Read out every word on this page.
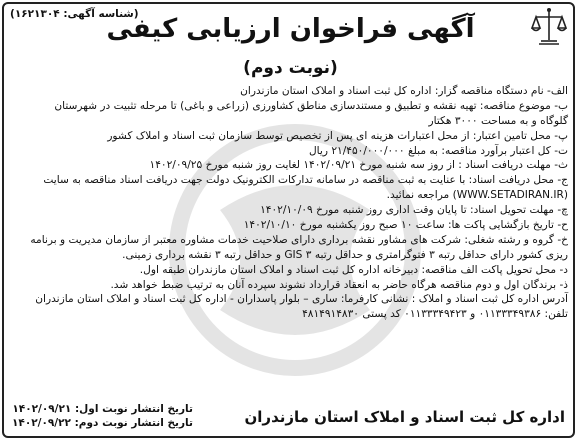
(شناسه آگهی: ۱۶۲۱۳۰۴)
آگهی فراخوان ارزیابی کیفی
(نوبت دوم)
الف- نام دستگاه مناقصه گزار: اداره کل ثبت اسناد و املاک استان مازندران
ب- موضوع مناقصه: تهیه نقشه و تطبیق و مستندسازی مناطق کشاورزی (زراعی و باغی) تا مرحله تثبیت در شهرستان
گلوگاه و به مساحت ۳۰۰۰ هکتار
پ- محل تامین اعتبار: از محل اعتبارات هزینه ای پس از تخصیص توسط سازمان ثبت اسناد و املاک کشور
ت- کل اعتبار برآورد مناقصه: به مبلغ ۲۱/۴۵۰/۰۰۰/۰۰۰ ریال
ث- مهلت دریافت اسناد : از روز سه شنبه مورخ ۱۴۰۲/۰۹/۲۱ لغایت روز شنبه مورخ ۱۴۰۲/۰۹/۲۵
ج- محل دریافت اسناد: با عنایت به ثبت مناقصه در سامانه تدارکات الکترونیک دولت جهت دریافت اسناد مناقصه به سایت
(WWW.SETADIRAN.IR) مراجعه نمائید.
چ- مهلت تحویل اسناد: تا پایان وقت اداری روز شنبه مورخ ۱۴۰۲/۱۰/۰۹
ح- تاریخ بازگشایی پاکت ها: ساعت ۱۰ صبح روز یکشنبه مورخ ۱۴۰۲/۱۰/۱۰
خ- گروه و رشته شغلی: شرکت های مشاور نقشه برداری دارای صلاحیت خدمات مشاوره معتبر از سازمان مدیریت و برنامه
ریزی کشور دارای حداقل رتبه ۳ فتوگرامتری و حداقل رتبه ۳ GIS و حداقل رتبه ۳ نقشه برداری زمینی.
د- محل تحویل پاکت الف مناقصه: دبیرخانه اداره کل ثبت اسناد و املاک استان مازندران طبقه اول.
ذ- برندگان اول و دوم مناقصه هرگاه حاضر به انعقاد قرارداد نشوند سپرده آنان به ترتیب ضبط خواهد شد.
آدرس اداره کل ثبت اسناد و املاک : نشانی کارفرما: ساری – بلوار پاسداران - اداره کل ثبت اسناد و املاک استان مازندران
تلفن: ۰۱۱۳۳۳۴۹۳۸۶ و ۰۱۱۳۳۳۴۹۴۲۳ کد پستی ۴۸۱۴۹۱۴۸۳۰
تاریخ انتشار نوبت اول: ۱۴۰۲/۰۹/۲۱
تاریخ انتشار نوبت دوم: ۱۴۰۲/۰۹/۲۲	اداره کل ثبت اسناد و املاک استان مازندران
